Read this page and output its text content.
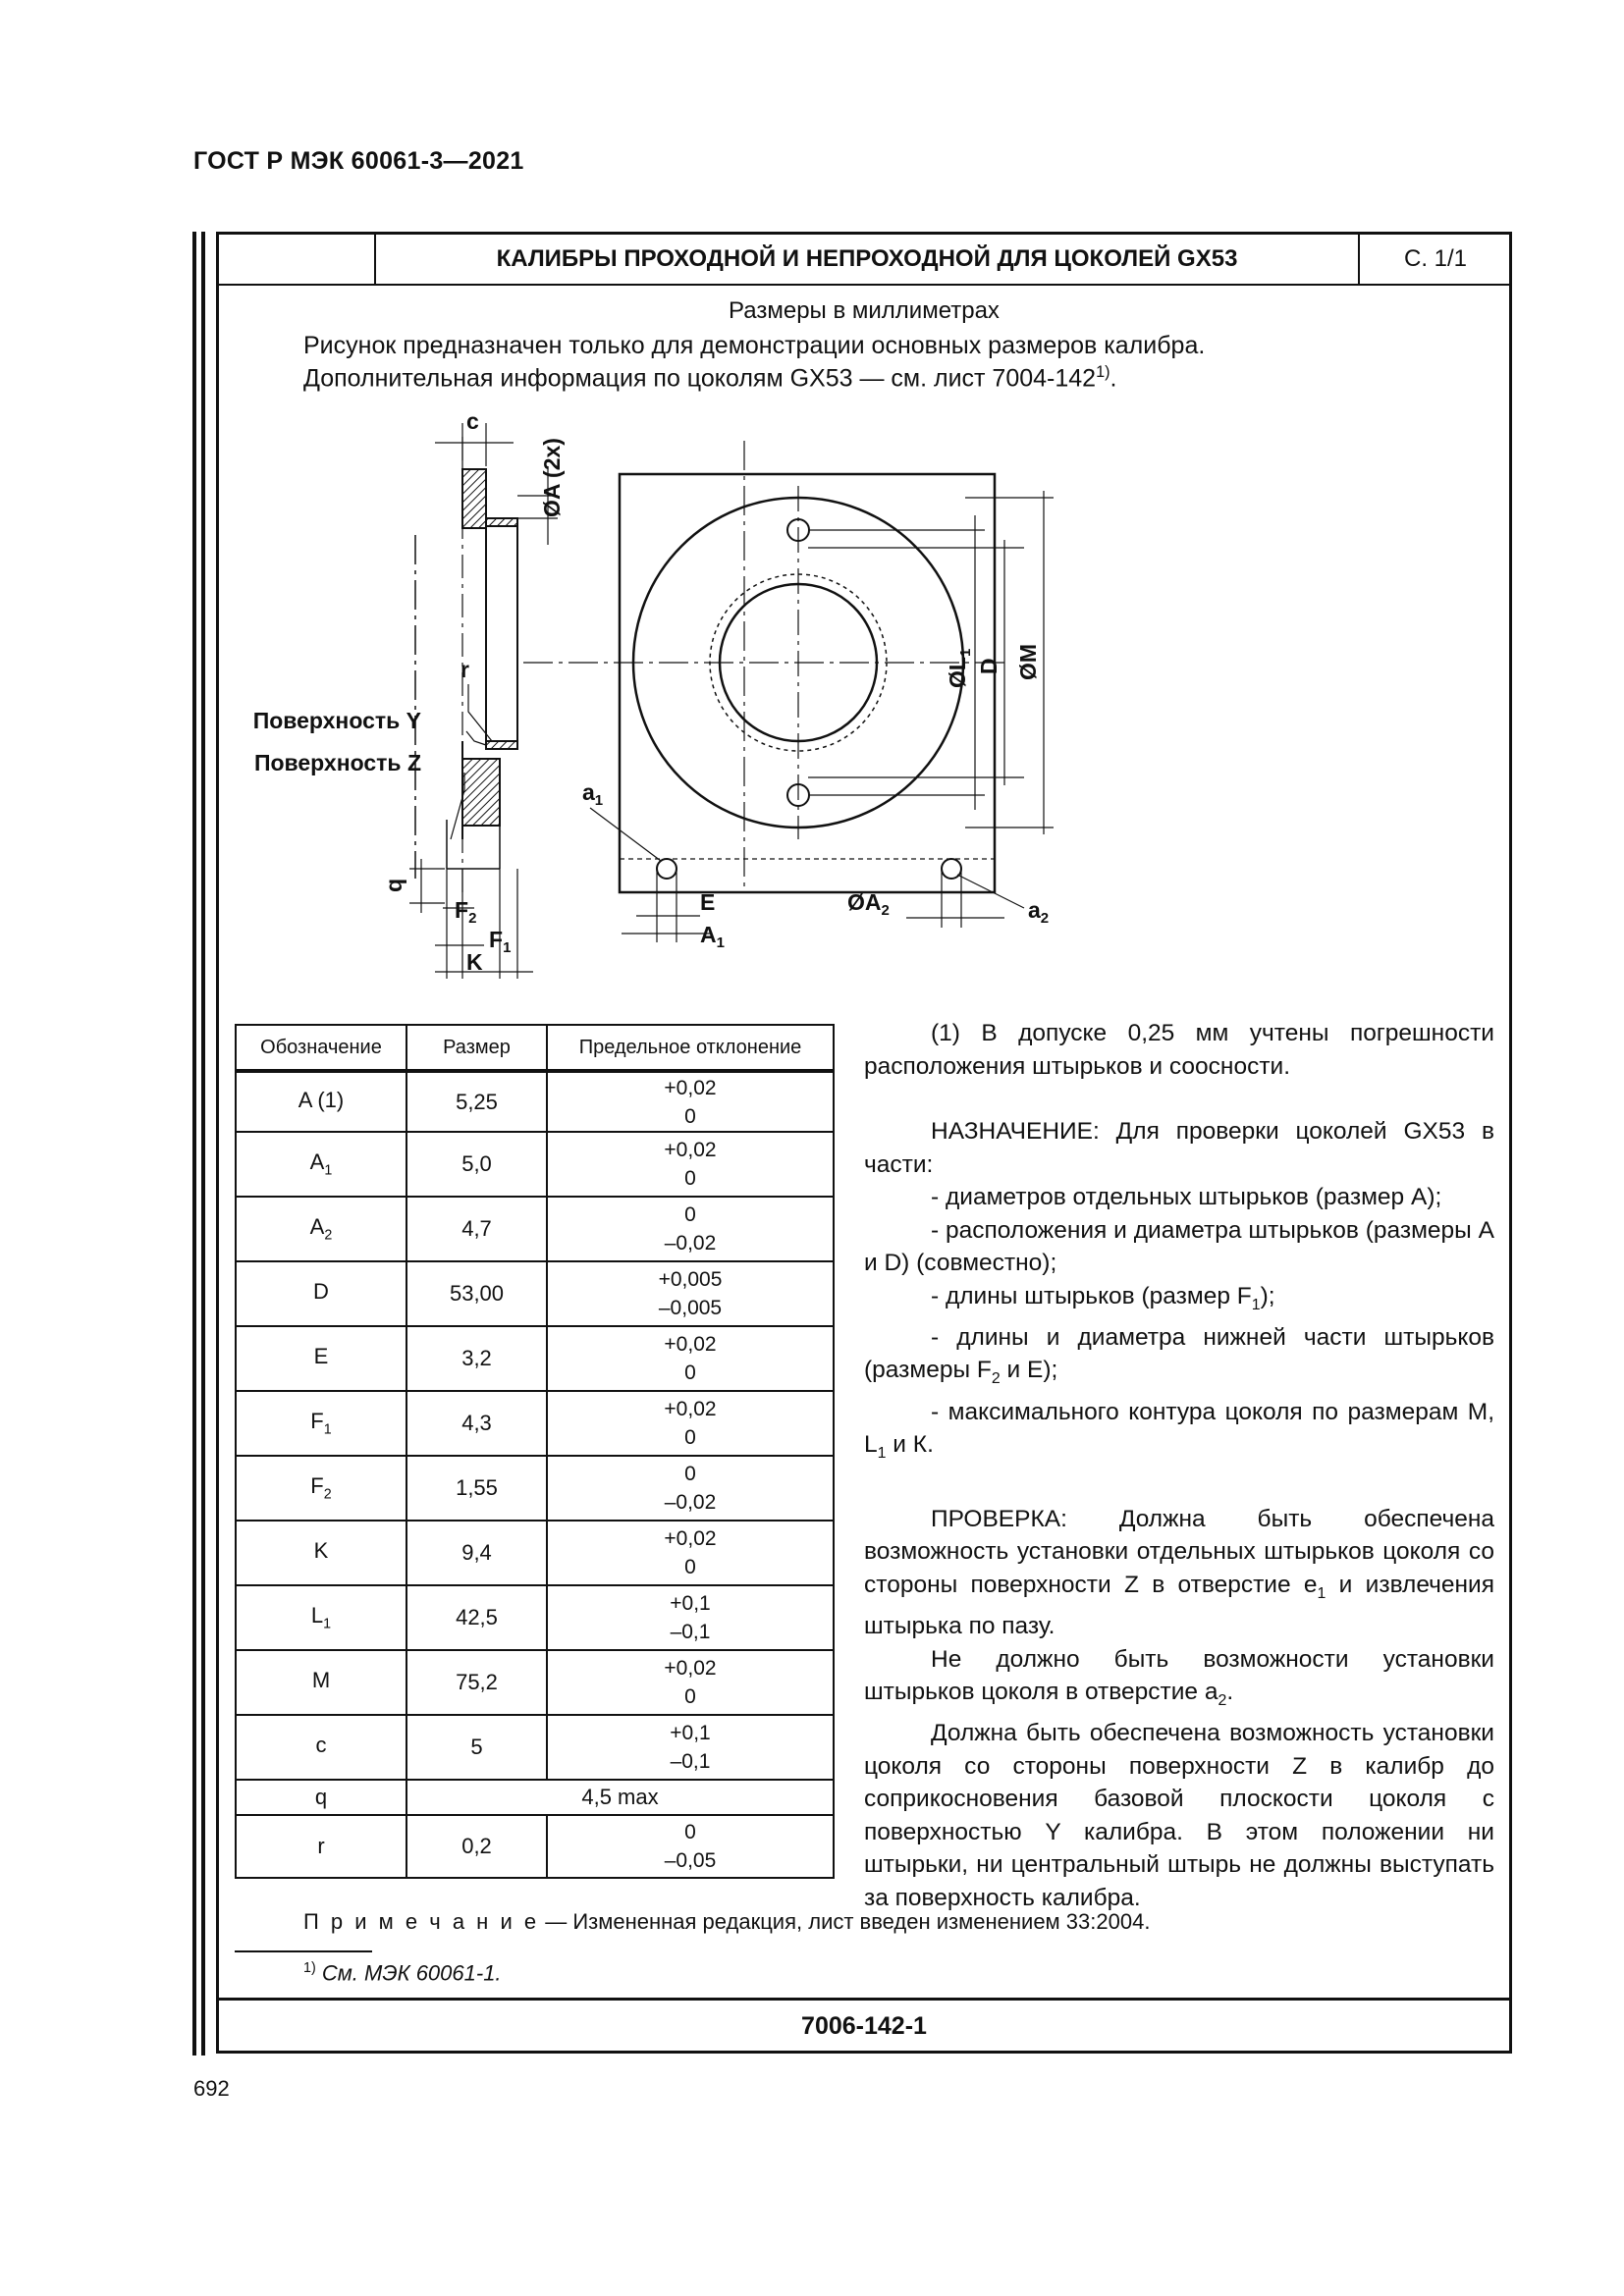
ГОСТ Р МЭК 60061-3—2021
КАЛИБРЫ ПРОХОДНОЙ И НЕПРОХОДНОЙ ДЛЯ ЦОКОЛЕЙ GX53	С. 1/1
Размеры в миллиметрах
Рисунок предназначен только для демонстрации основных размеров калибра.
Дополнительная информация по цоколям GX53 — см. лист 7004-142$^{1)}$.
c
ØA (2x)
r
Поверхность Y
Поверхность Z
q
$F_2$
$F_1$
K
$ØL_1$
D ØM
$a_1$
E
$A_1$
$ØA_2$	$a_2$
Обозначение	Размер	Предельное отклонение
A (1)	5,25	+0,02
0

$A_1$	5,0	+0,02
0

$A_2$	4,7	0
–0,02

D	53,00	+0,005
–0,005

E	3,2	+0,02
0

$F_1$	4,3	+0,02
0

$F_2$	1,55	0
–0,02

K	9,4	+0,02
0

$L_1$	42,5	+0,1
–0,1

M	75,2	+0,02
0

c	5	+0,1
–0,1

q	4,5 max	
r	0,2	0
–0,05

(1) В допуске 0,25 мм учтены погрешности расположения штырьков и соосности.

НАЗНАЧЕНИЕ: Для проверки цоколей GX53 в части:

- диаметров отдельных штырьков (размер А);

- расположения и диаметра штырьков (размеры А и D) (совместно);

- длины штырьков (размер $F_1$);

- длины и диаметра нижней части штырьков (размеры $F_2$ и Е);

- максимального контура цоколя по размерам М, $L_1$ и К.

ПРОВЕРКА: Должна быть обеспечена возможность установки отдельных штырьков цоколя со стороны поверхности Z в отверстие $е_1$ и извлечения штырька по пазу.

Не должно быть возможности установки штырьков цоколя в отверстие $а_2$.

Должна быть обеспечена возможность установки цоколя со стороны поверхности Z в калибр до соприкосновения базовой плоскости цоколя с поверхностью Y калибра. В этом положении ни штырьки, ни центральный штырь не должны выступать за поверхность калибра.

П р и м е ч а н и е — Измененная редакция, лист введен изменением 33:2004.
$^{1)}$ См. МЭК 60061-1.
7006-142-1
692
